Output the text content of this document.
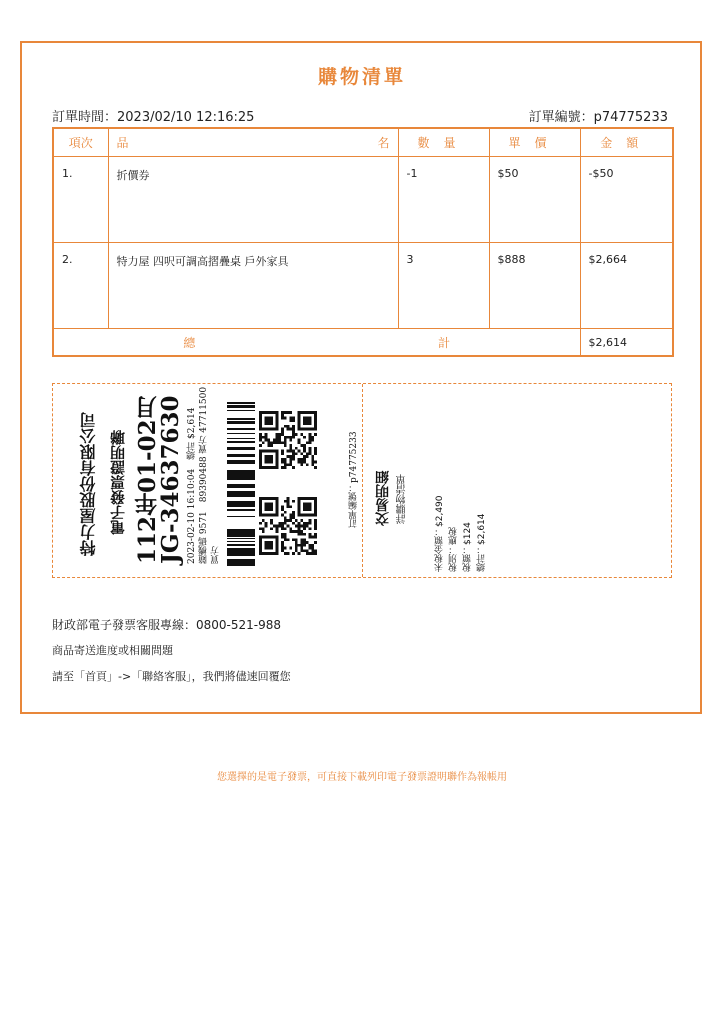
購物清單
訂單時間：2023/02/10 12:16:25	訂單編號：p74775233
項次	品 名	數量	單價	金額
1.	折價券	-1	$50	-$50
2.	特力屋 四呎可調高摺疊桌 戶外家具	3	$888	$2,664

總 計				$2,614
特力屋股份有限公司 電子發票證明聯 112年01-02月
JG-34637630 2023-02-10 16:10:04　總計 $2,614 隨機碼 9571　89390488 賣方 47711500 買方
訂單編號：p74775233 交易明細 詳購物清單	未稅金額：$2,490 稅別：應稅 稅額：$124 總計：$2,614
財政部電子發票客服專線：0800-521-988
商品寄送進度或相關問題
請至「首頁」->「聯絡客服」，我們將儘速回覆您
您選擇的是電子發票，可直接下載列印電子發票證明聯作為報帳用
